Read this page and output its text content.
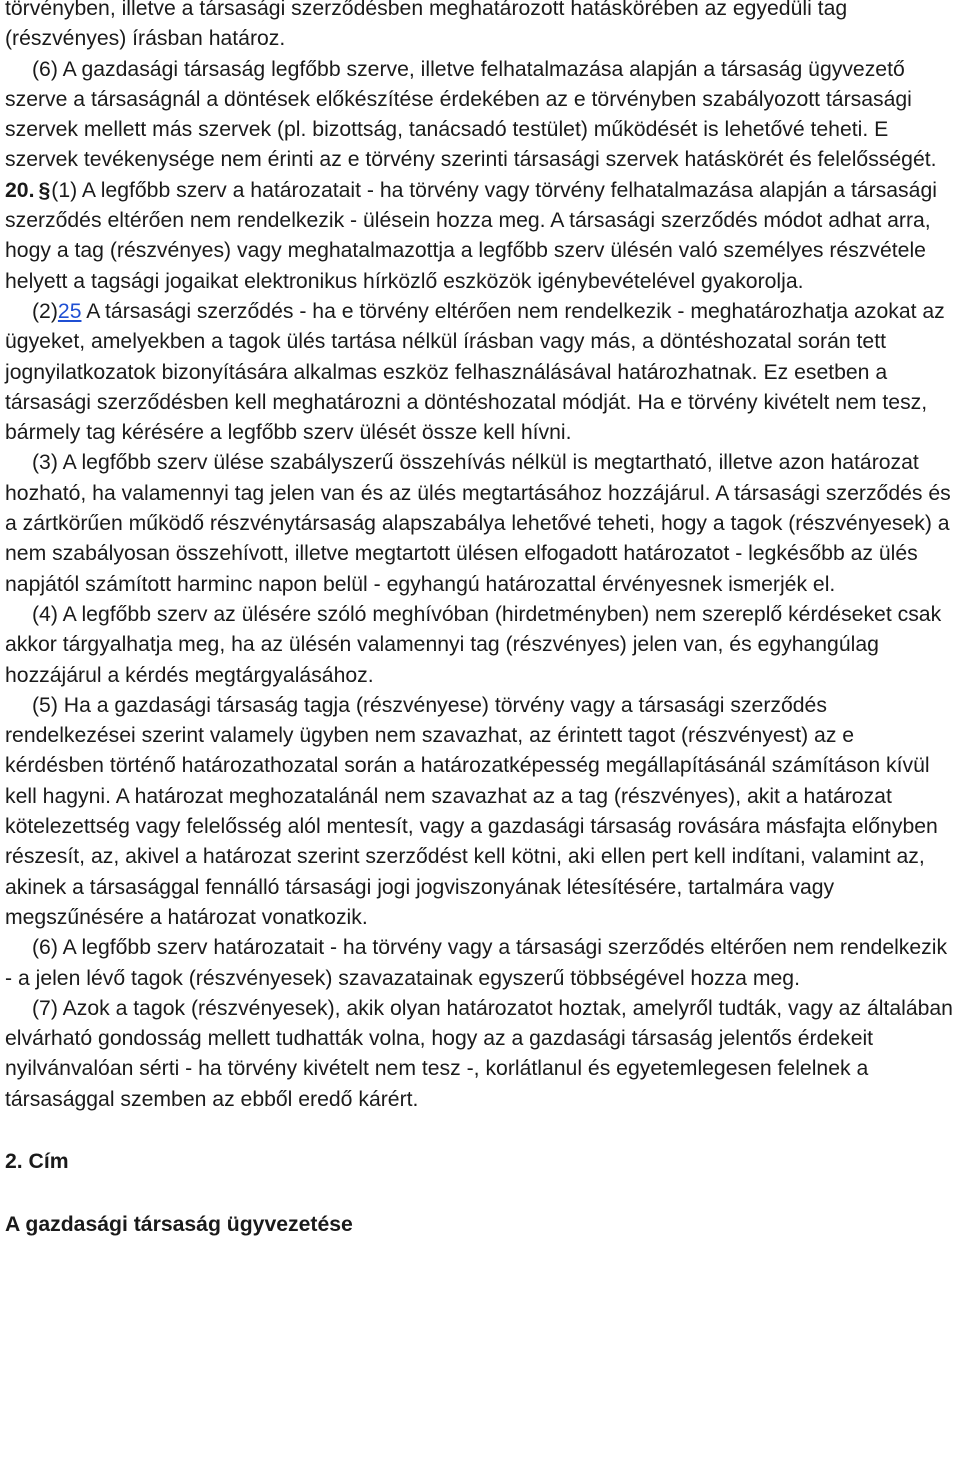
törvényben, illetve a társasági szerződésben meghatározott hatáskörében az egyedüli tag (részvényes) írásban határoz.

(6) A gazdasági társaság legfőbb szerve, illetve felhatalmazása alapján a társaság ügyvezető szerve a társaságnál a döntések előkészítése érdekében az e törvényben szabályozott társasági szervek mellett más szervek (pl. bizottság, tanácsadó testület) működését is lehetővé teheti. E szervek tevékenysége nem érinti az e törvény szerinti társasági szervek hatáskörét és felelősségét.

20. §(1) A legfőbb szerv a határozatait - ha törvény vagy törvény felhatalmazása alapján a társasági szerződés eltérően nem rendelkezik - ülésein hozza meg. A társasági szerződés módot adhat arra, hogy a tag (részvényes) vagy meghatalmazottja a legfőbb szerv ülésén való személyes részvétele helyett a tagsági jogaikat elektronikus hírközlő eszközök igénybevételével gyakorolja.

(2)25 A társasági szerződés - ha e törvény eltérően nem rendelkezik - meghatározhatja azokat az ügyeket, amelyekben a tagok ülés tartása nélkül írásban vagy más, a döntéshozatal során tett jognyilatkozatok bizonyítására alkalmas eszköz felhasználásával határozhatnak. Ez esetben a társasági szerződésben kell meghatározni a döntéshozatal módját. Ha e törvény kivételt nem tesz, bármely tag kérésére a legfőbb szerv ülését össze kell hívni.

(3) A legfőbb szerv ülése szabályszerű összehívás nélkül is megtartható, illetve azon határozat hozható, ha valamennyi tag jelen van és az ülés megtartásához hozzájárul. A társasági szerződés és a zártkörűen működő részvénytársaság alapszabálya lehetővé teheti, hogy a tagok (részvényesek) a nem szabályosan összehívott, illetve megtartott ülésen elfogadott határozatot - legkésőbb az ülés napjától számított harminc napon belül - egyhangú határozattal érvényesnek ismerjék el.

(4) A legfőbb szerv az ülésére szóló meghívóban (hirdetményben) nem szereplő kérdéseket csak akkor tárgyalhatja meg, ha az ülésén valamennyi tag (részvényes) jelen van, és egyhangúlag hozzájárul a kérdés megtárgyalásához.

(5) Ha a gazdasági társaság tagja (részvényese) törvény vagy a társasági szerződés rendelkezései szerint valamely ügyben nem szavazhat, az érintett tagot (részvényest) az e kérdésben történő határozathozatal során a határozatképesség megállapításánál számításon kívül kell hagyni. A határozat meghozatalánál nem szavazhat az a tag (részvényes), akit a határozat kötelezettség vagy felelősség alól mentesít, vagy a gazdasági társaság rovására másfajta előnyben részesít, az, akivel a határozat szerint szerződést kell kötni, aki ellen pert kell indítani, valamint az, akinek a társasággal fennálló társasági jogi jogviszonyának létesítésére, tartalmára vagy megszűnésére a határozat vonatkozik.

(6) A legfőbb szerv határozatait - ha törvény vagy a társasági szerződés eltérően nem rendelkezik - a jelen lévő tagok (részvényesek) szavazatainak egyszerű többségével hozza meg.

(7) Azok a tagok (részvényesek), akik olyan határozatot hoztak, amelyről tudták, vagy az általában elvárható gondosság mellett tudhatták volna, hogy az a gazdasági társaság jelentős érdekeit nyilvánvalóan sérti - ha törvény kivételt nem tesz -, korlátlanul és egyetemlegesen felelnek a társasággal szemben az ebből eredő kárért.

2. Cím

A gazdasági társaság ügyvezetése
